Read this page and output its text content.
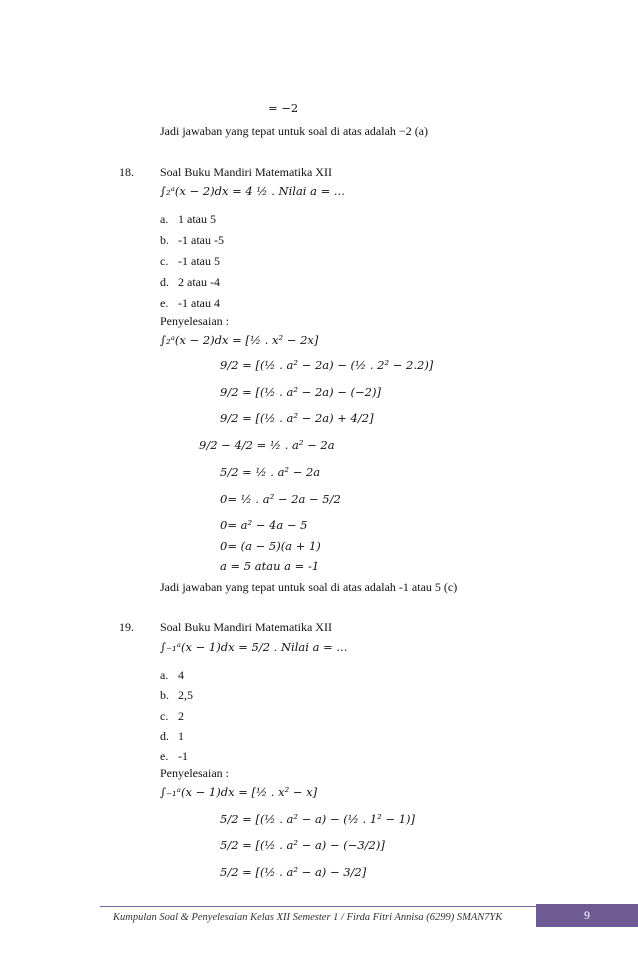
= −2
Jadi jawaban yang tepat untuk soal di atas adalah −2 (a)
18. Soal Buku Mandiri Matematika XII
∫₂ᵃ(x − 2)dx = 4 ½ . Nilai a = ...
a. 1 atau 5
b. -1 atau -5
c. -1 atau 5
d. 2 atau -4
e. -1 atau 4
Penyelesaian :
∫₂ᵃ(x − 2)dx = [½ . x² − 2x]
9/2 = [(½ . a² − 2a) − (½ . 2² − 2.2)]
9/2 = [(½ . a² − 2a) − (−2)]
9/2 = [(½ . a² − 2a) + 4/2]
9/2 − 4/2 = ½ . a² − 2a
5/2 = ½ . a² − 2a
0= ½ . a² − 2a − 5/2
0= a² − 4a − 5
0= (a − 5)(a + 1)
a = 5 atau a = -1
Jadi jawaban yang tepat untuk soal di atas adalah -1 atau 5 (c)
19. Soal Buku Mandiri Matematika XII
∫₋₁ᵃ(x − 1)dx = 5/2 . Nilai a = ...
a. 4
b. 2,5
c. 2
d. 1
e. -1
Penyelesaian :
∫₋₁ᵃ(x − 1)dx = [½ . x² − x]
5/2 = [(½ . a² − a) − (½ . 1² − 1)]
5/2 = [(½ . a² − a) − (−3/2)]
5/2 = [(½ . a² − a) − 3/2]
Kumpulan Soal & Penyelesaian Kelas XII Semester 1 / Firda Fitri Annisa (6299) SMAN7YK	9
